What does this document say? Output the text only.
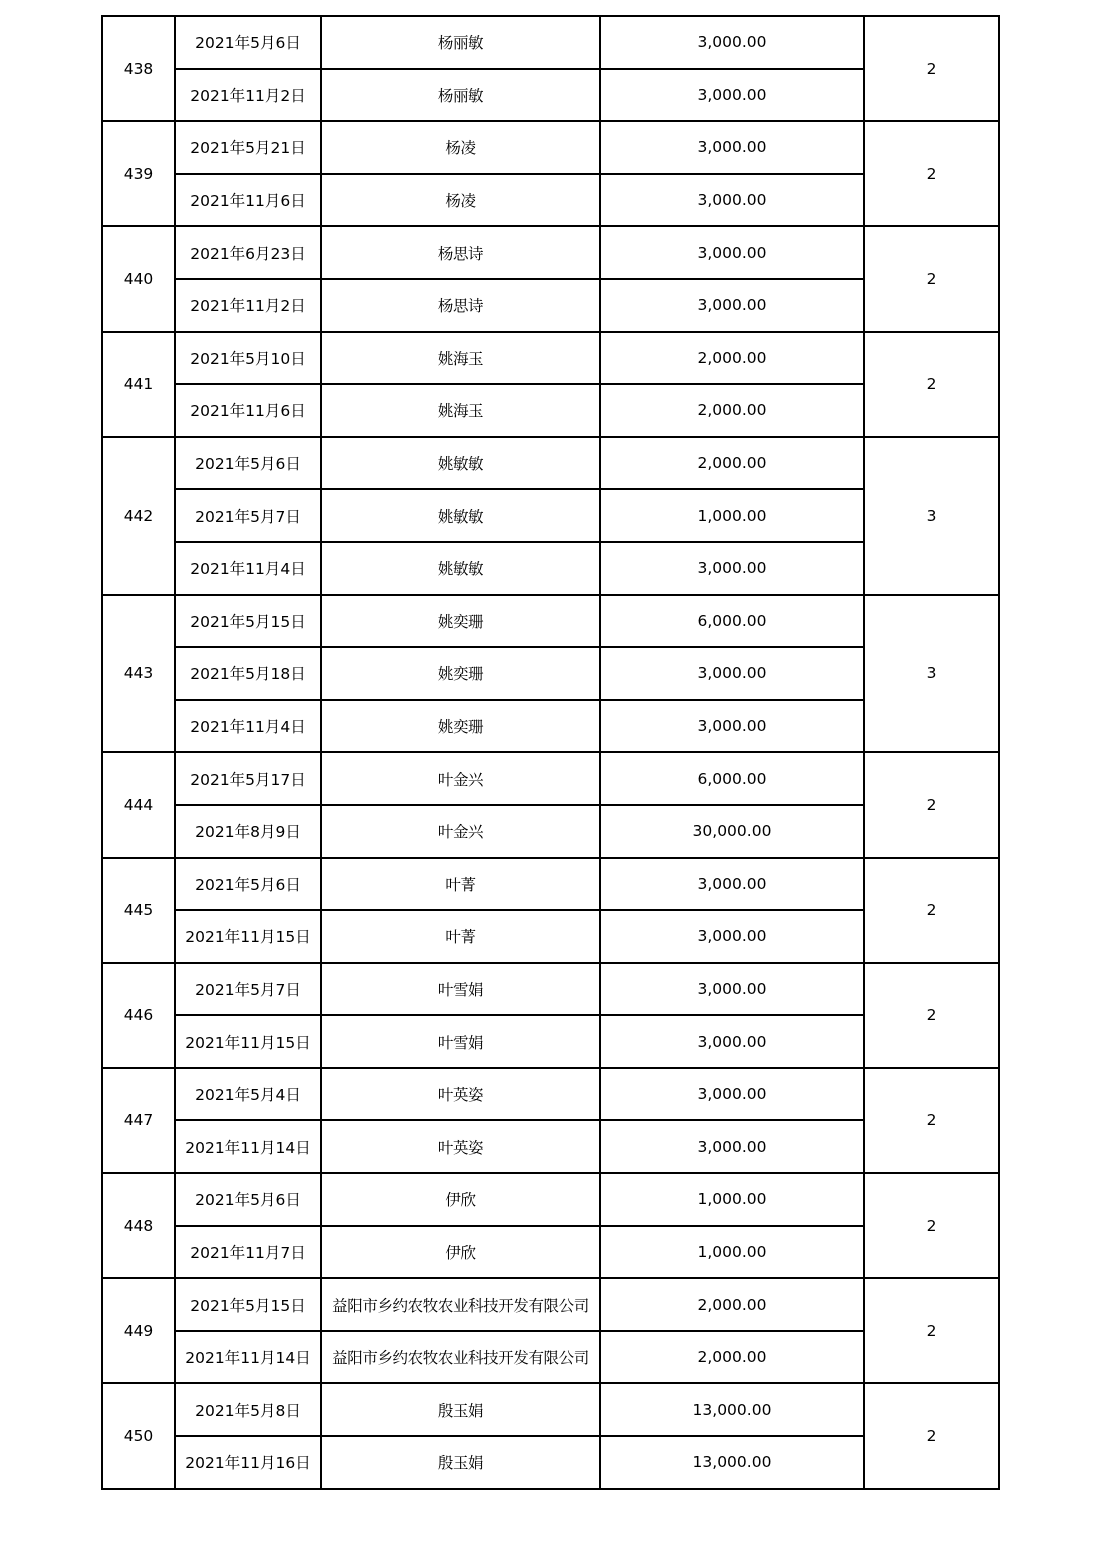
438	2021年5月6日	杨丽敏	3,000.00	2
	2021年11月2日	杨丽敏	3,000.00	
439	2021年5月21日	杨凌	3,000.00	2
	2021年11月6日	杨凌	3,000.00	
440	2021年6月23日	杨思诗	3,000.00	2
	2021年11月2日	杨思诗	3,000.00	
441	2021年5月10日	姚海玉	2,000.00	2
	2021年11月6日	姚海玉	2,000.00	
442	2021年5月6日	姚敏敏	2,000.00	3
	2021年5月7日	姚敏敏	1,000.00	
	2021年11月4日	姚敏敏	3,000.00	
443	2021年5月15日	姚奕珊	6,000.00	3
	2021年5月18日	姚奕珊	3,000.00	
	2021年11月4日	姚奕珊	3,000.00	
444	2021年5月17日	叶金兴	6,000.00	2
	2021年8月9日	叶金兴	30,000.00	
445	2021年5月6日	叶菁	3,000.00	2
	2021年11月15日	叶菁	3,000.00	
446	2021年5月7日	叶雪娟	3,000.00	2
	2021年11月15日	叶雪娟	3,000.00	
447	2021年5月4日	叶英姿	3,000.00	2
	2021年11月14日	叶英姿	3,000.00	
448	2021年5月6日	伊欣	1,000.00	2
	2021年11月7日	伊欣	1,000.00	
449	2021年5月15日	益阳市乡约农牧农业科技开发有限公司	2,000.00	2
	2021年11月14日	益阳市乡约农牧农业科技开发有限公司	2,000.00	
450	2021年5月8日	殷玉娟	13,000.00	2
	2021年11月16日	殷玉娟	13,000.00	
